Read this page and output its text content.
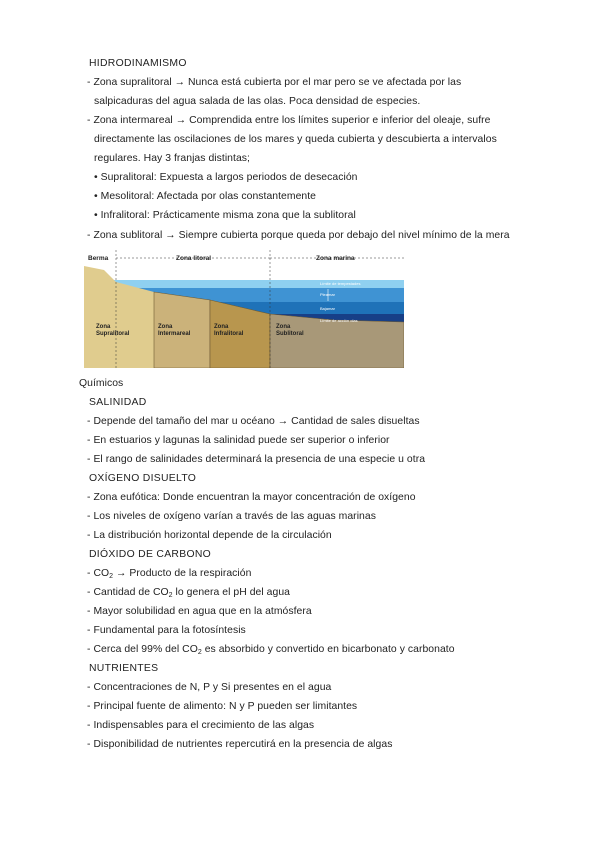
HIDRODINAMISMO
- Zona supralitoral → Nunca está cubierta por el mar pero se ve afectada por las
salpicaduras del agua salada de las olas. Poca densidad de especies.
- Zona intermareal → Comprendida entre los límites superior e inferior del oleaje, sufre
directamente las oscilaciones de los mares y queda cubierta y descubierta a intervalos
regulares. Hay 3 franjas distintas;
• Supralitoral: Expuesta a largos periodos de desecación
• Mesolitoral: Afectada por olas constantemente
• Infralitoral: Prácticamente misma zona que la sublitoral
- Zona sublitoral → Siempre cubierta porque queda por debajo del nivel mínimo de la mera
Berma	Zona litoral	Zona marina
Límite de tempestades
Pleamar
Bajamar
Límite de acción olas
Zona
Supralitoral
Zona
Intermareal
Zona
Infralitoral
Zona
Sublitoral
Químicos
SALINIDAD
- Depende del tamaño del mar u océano → Cantidad de sales disueltas
- En estuarios y lagunas la salinidad puede ser superior o inferior
- El rango de salinidades determinará la presencia de una especie u otra
OXÍGENO DISUELTO
- Zona eufótica: Donde encuentran la mayor concentración de oxígeno
- Los niveles de oxígeno varían a través de las aguas marinas
- La distribución horizontal depende de la circulación
DIÓXIDO DE CARBONO
- $CO_2$ → Producto de la respiración
- Cantidad de $CO_2$ lo genera el pH del agua
- Mayor solubilidad en agua que en la atmósfera
- Fundamental para la fotosíntesis
- Cerca del 99% del $CO_2$ es absorbido y convertido en bicarbonato y carbonato
NUTRIENTES
- Concentraciones de N, P y Si presentes en el agua
- Principal fuente de alimento: N y P pueden ser limitantes
- Indispensables para el crecimiento de las algas
- Disponibilidad de nutrientes repercutirá en la presencia de algas
